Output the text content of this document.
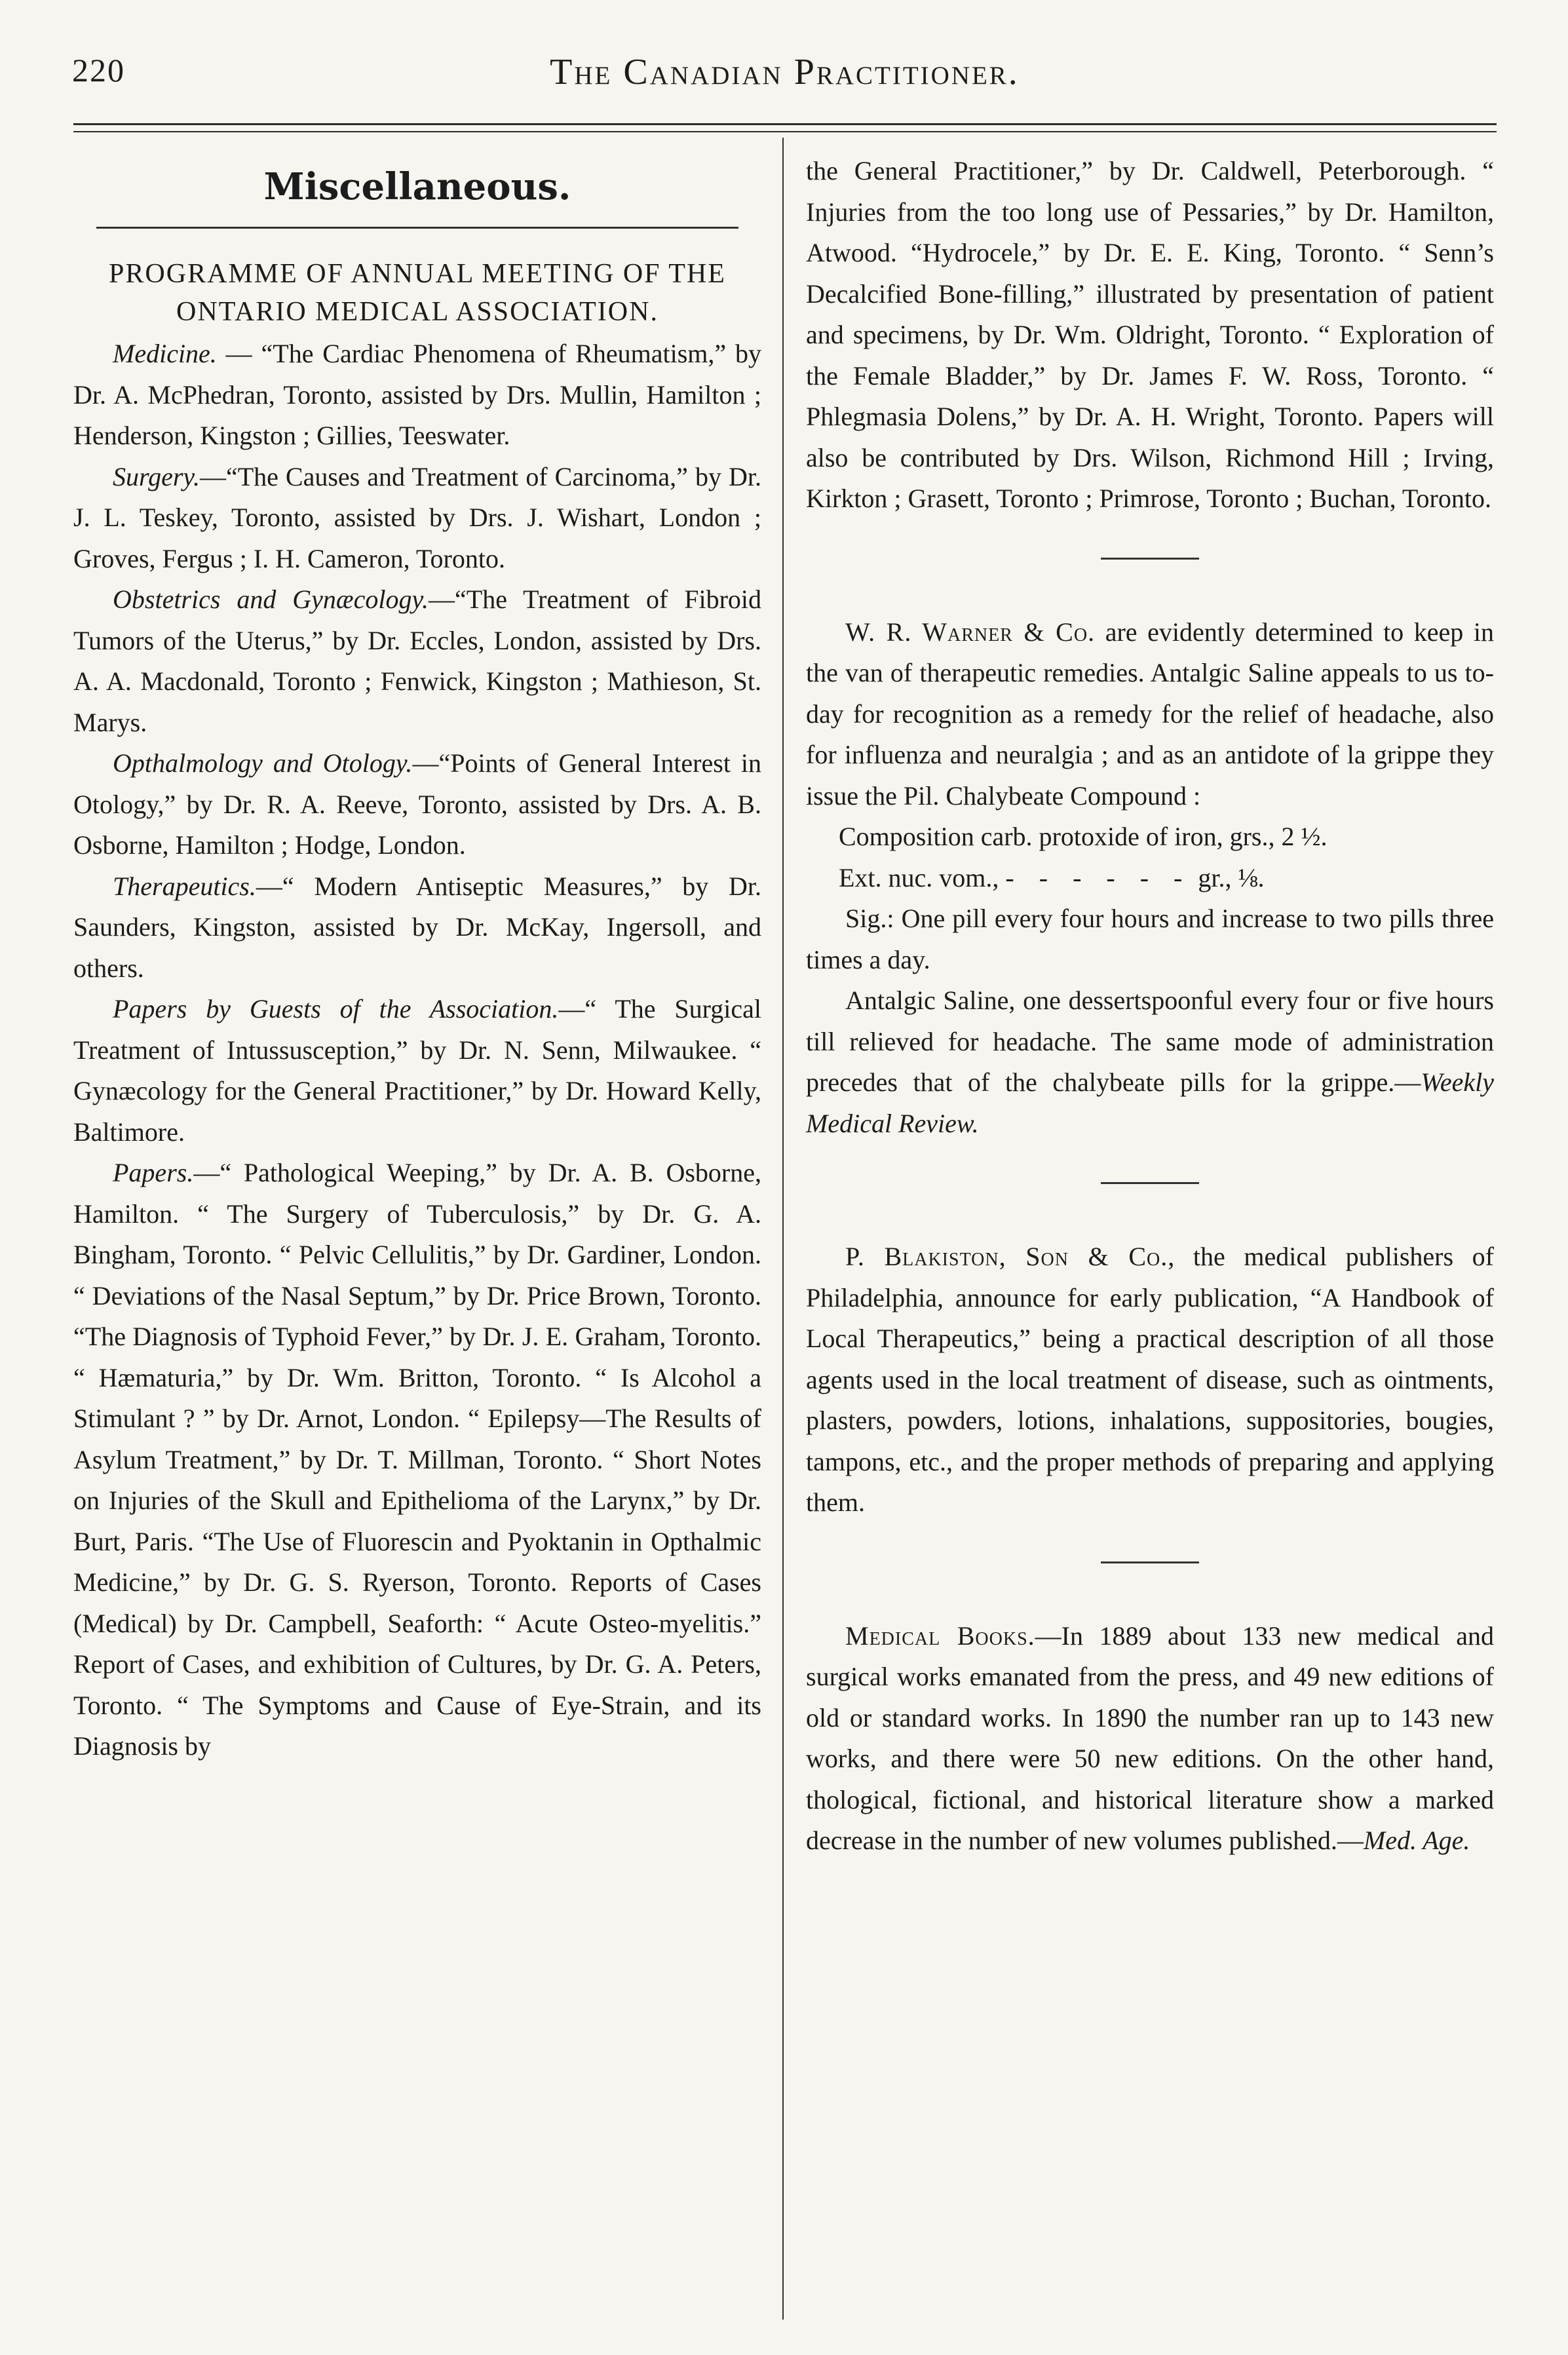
220	The Canadian Practitioner.
Miscellaneous.
PROGRAMME OF ANNUAL MEETING OF THE ONTARIO MEDICAL ASSOCIATION.

Medicine. — “The Cardiac Phenomena of Rheumatism,” by Dr. A. McPhedran, Toronto, assisted by Drs. Mullin, Hamilton ; Henderson, Kingston ; Gillies, Teeswater.

Surgery.—“The Causes and Treatment of Carcinoma,” by Dr. J. L. Teskey, Toronto, assisted by Drs. J. Wishart, London ; Groves, Fergus ; I. H. Cameron, Toronto.

Obstetrics and Gynæcology.—“The Treatment of Fibroid Tumors of the Uterus,” by Dr. Eccles, London, assisted by Drs. A. A. Macdonald, Toronto ; Fenwick, Kingston ; Mathieson, St. Marys.

Opthalmology and Otology.—“Points of General Interest in Otology,” by Dr. R. A. Reeve, Toronto, assisted by Drs. A. B. Osborne, Hamilton ; Hodge, London.

Therapeutics.—“ Modern Antiseptic Measures,” by Dr. Saunders, Kingston, assisted by Dr. McKay, Ingersoll, and others.

Papers by Guests of the Association.—“ The Surgical Treatment of Intussusception,” by Dr. N. Senn, Milwaukee. “ Gynæcology for the General Practitioner,” by Dr. Howard Kelly, Baltimore.

Papers.—“ Pathological Weeping,” by Dr. A. B. Osborne, Hamilton. “ The Surgery of Tuberculosis,” by Dr. G. A. Bingham, Toronto. “ Pelvic Cellulitis,” by Dr. Gardiner, London. “ Deviations of the Nasal Septum,” by Dr. Price Brown, Toronto. “The Diagnosis of Typhoid Fever,” by Dr. J. E. Graham, Toronto. “ Hæmaturia,” by Dr. Wm. Britton, Toronto. “ Is Alcohol a Stimulant ? ” by Dr. Arnot, London. “ Epilepsy—The Results of Asylum Treatment,” by Dr. T. Millman, Toronto. “ Short Notes on Injuries of the Skull and Epithelioma of the Larynx,” by Dr. Burt, Paris. “The Use of Fluorescin and Pyoktanin in Opthalmic Medicine,” by Dr. G. S. Ryerson, Toronto. Reports of Cases (Medical) by Dr. Campbell, Seaforth: “ Acute Osteo-myelitis.” Report of Cases, and exhibition of Cultures, by Dr. G. A. Peters, Toronto. “ The Symptoms and Cause of Eye-Strain, and its Diagnosis by

the General Practitioner,” by Dr. Caldwell, Peterborough. “ Injuries from the too long use of Pessaries,” by Dr. Hamilton, Atwood. “Hydrocele,” by Dr. E. E. King, Toronto. “ Senn’s Decalcified Bone-filling,” illustrated by presentation of patient and specimens, by Dr. Wm. Oldright, Toronto. “ Exploration of the Female Bladder,” by Dr. James F. W. Ross, Toronto. “ Phlegmasia Dolens,” by Dr. A. H. Wright, Toronto. Papers will also be contributed by Drs. Wilson, Richmond Hill ; Irving, Kirkton ; Grasett, Toronto ; Primrose, Toronto ; Buchan, Toronto.

W. R. Warner & Co. are evidently determined to keep in the van of therapeutic remedies. Antalgic Saline appeals to us to-day for recognition as a remedy for the relief of headache, also for influenza and neuralgia ; and as an antidote of la grippe they issue the Pil. Chalybeate Compound :

Composition carb. protoxide of iron, grs., 2 ½.

Ext. nuc. vom., - - - - - - gr., ⅛.

Sig.: One pill every four hours and increase to two pills three times a day.

Antalgic Saline, one dessertspoonful every four or five hours till relieved for headache. The same mode of administration precedes that of the chalybeate pills for la grippe.—Weekly Medical Review.

P. Blakiston, Son & Co., the medical publishers of Philadelphia, announce for early publication, “A Handbook of Local Therapeutics,” being a practical description of all those agents used in the local treatment of disease, such as ointments, plasters, powders, lotions, inhalations, suppositories, bougies, tampons, etc., and the proper methods of preparing and applying them.

Medical Books.—In 1889 about 133 new medical and surgical works emanated from the press, and 49 new editions of old or standard works. In 1890 the number ran up to 143 new works, and there were 50 new editions. On the other hand, thological, fictional, and historical literature show a marked decrease in the number of new volumes published.—Med. Age.
